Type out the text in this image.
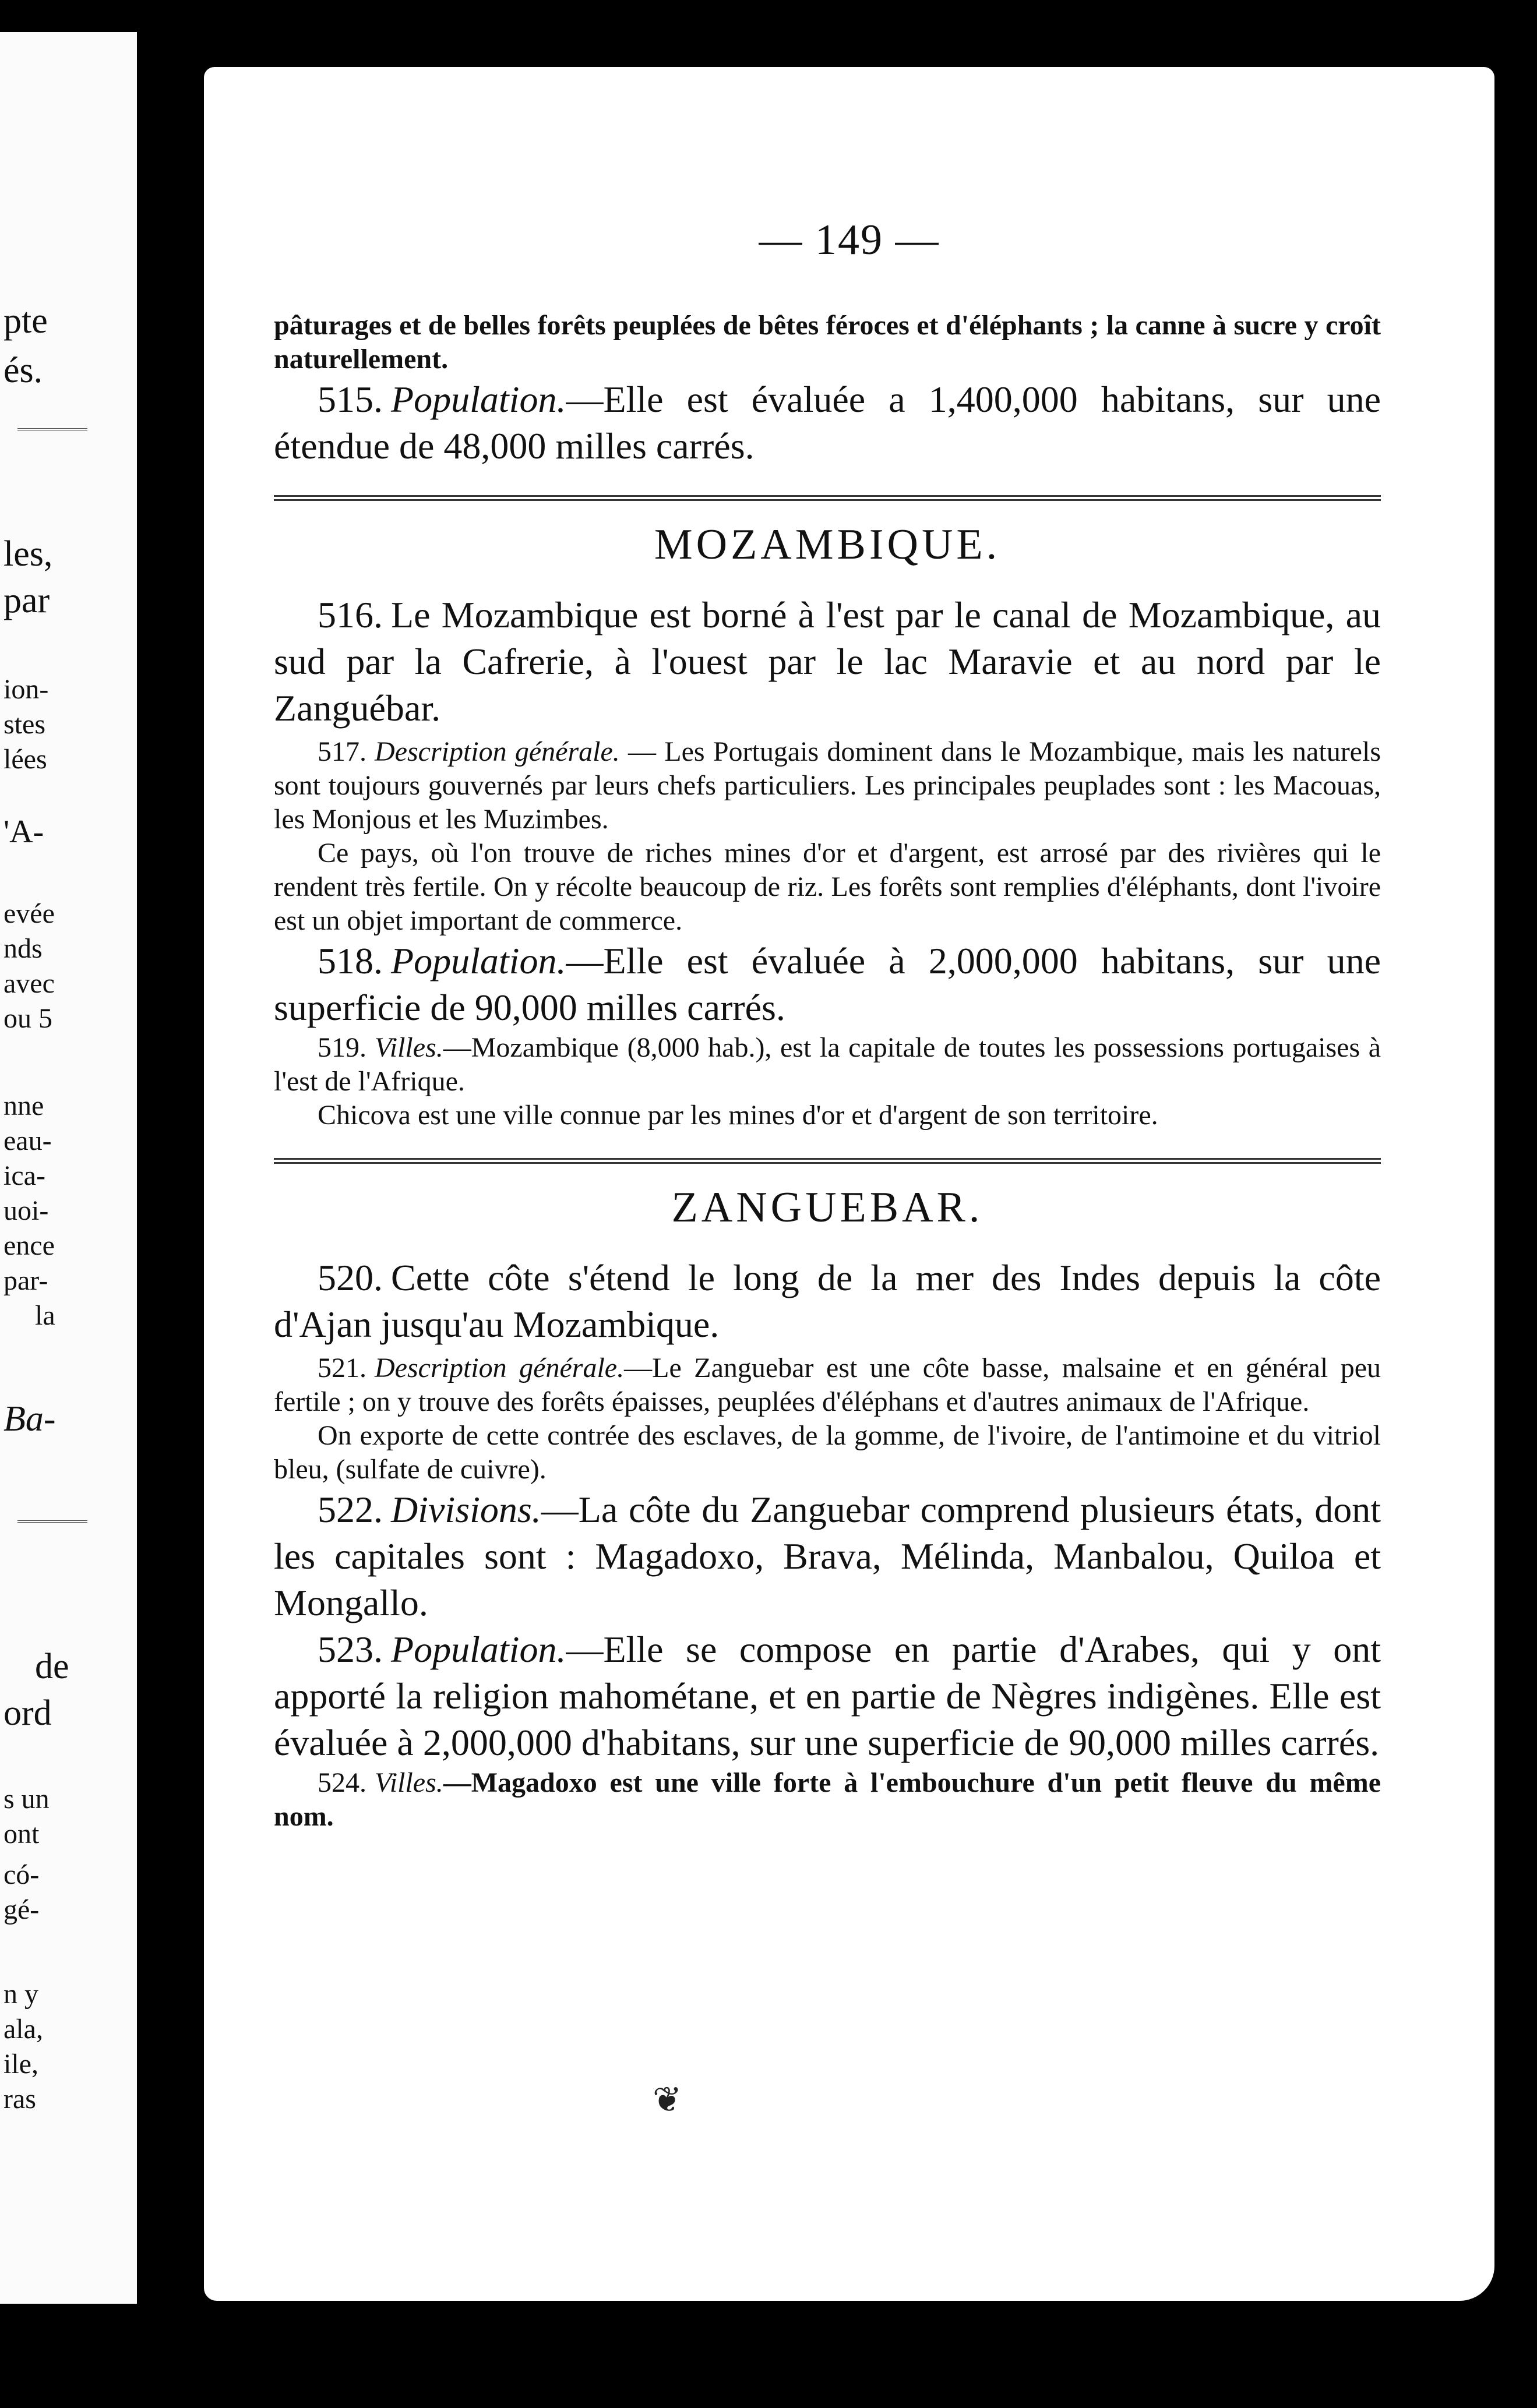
pte
és.
les,
par
ion-
stes
lées
'A-
evée
nds
avec
ou 5
nne
eau-
ica-
uoi-
ence
par-
la
Ba-
de
ord
s un
ont
có-
gé-
n y
ala,
ile,
ras
— 149 —

pâturages et de belles forêts peuplées de bêtes féroces et d'éléphants ; la canne à sucre y croît naturellement.

515. Population.—Elle est évaluée a 1,400,000 habitans, sur une étendue de 48,000 milles carrés.

MOZAMBIQUE.

516. Le Mozambique est borné à l'est par le canal de Mozambique, au sud par la Cafrerie, à l'ouest par le lac Maravie et au nord par le Zanguébar.

517. Description générale. — Les Portugais dominent dans le Mozambique, mais les naturels sont toujours gouvernés par leurs chefs particuliers. Les principales peuplades sont : les Macouas, les Monjous et les Muzimbes.

Ce pays, où l'on trouve de riches mines d'or et d'argent, est arrosé par des rivières qui le rendent très fertile. On y récolte beaucoup de riz. Les forêts sont remplies d'éléphants, dont l'ivoire est un objet important de commerce.

518. Population.—Elle est évaluée à 2,000,000 habitans, sur une superficie de 90,000 milles carrés.

519. Villes.—Mozambique (8,000 hab.), est la capitale de toutes les possessions portugaises à l'est de l'Afrique.

Chicova est une ville connue par les mines d'or et d'argent de son territoire.

ZANGUEBAR.

520. Cette côte s'étend le long de la mer des Indes depuis la côte d'Ajan jusqu'au Mozambique.

521. Description générale.—Le Zanguebar est une côte basse, malsaine et en général peu fertile ; on y trouve des forêts épaisses, peuplées d'éléphans et d'autres animaux de l'Afrique.

On exporte de cette contrée des esclaves, de la gomme, de l'ivoire, de l'antimoine et du vitriol bleu, (sulfate de cuivre).

522. Divisions.—La côte du Zanguebar comprend plusieurs états, dont les capitales sont : Magadoxo, Brava, Mélinda, Manbalou, Quiloa et Mongallo.

523. Population.—Elle se compose en partie d'Arabes, qui y ont apporté la religion mahométane, et en partie de Nègres indigènes. Elle est évaluée à 2,000,000 d'habitans, sur une superficie de 90,000 milles carrés.

524. Villes.—Magadoxo est une ville forte à l'embouchure d'un petit fleuve du même nom.

❦
